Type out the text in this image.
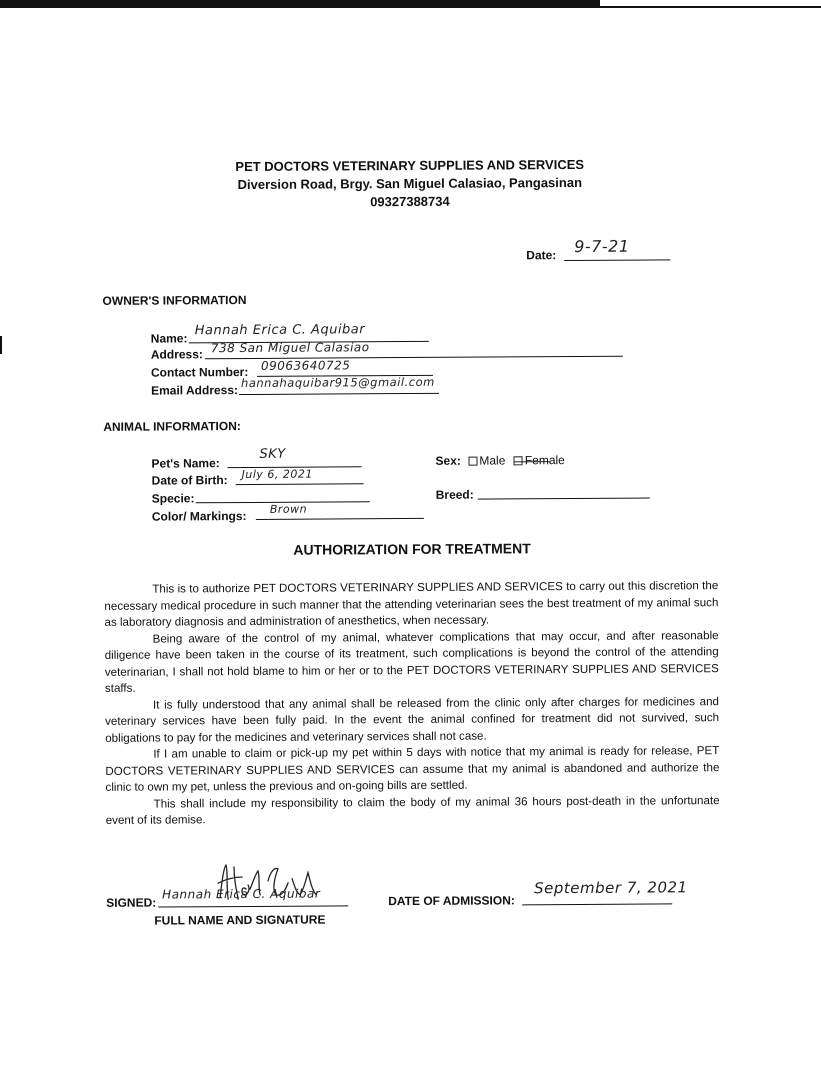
PET DOCTORS VETERINARY SUPPLIES AND SERVICES
Diversion Road, Brgy. San Miguel Calasiao, Pangasinan
09327388734
Date: 9-7-21
OWNER'S INFORMATION
Name:
Hannah Erica C. Aquibar
Address: 738 San Miguel Calasiao
Contact Number: 09063640725
Email Address:
hannahaquibar915@gmail.com
ANIMAL INFORMATION:
Pet's Name:
SKY
Date of Birth: July 6, 2021
Specie:
Color/ Markings: Brown
Sex: Male Female
Breed:
AUTHORIZATION FOR TREATMENT

This is to authorize PET DOCTORS VETERINARY SUPPLIES AND SERVICES to carry out this discretion the necessary medical procedure in such manner that the attending veterinarian sees the best treatment of my animal such as laboratory diagnosis and administration of anesthetics, when necessary.

Being aware of the control of my animal, whatever complications that may occur, and after reasonable diligence have been taken in the course of its treatment, such complications is beyond the control of the attending veterinarian, I shall not hold blame to him or her or to the PET DOCTORS VETERINARY SUPPLIES AND SERVICES staffs.

It is fully understood that any animal shall be released from the clinic only after charges for medicines and veterinary services have been fully paid. In the event the animal confined for treatment did not survived, such obligations to pay for the medicines and veterinary services shall not case.

If I am unable to claim or pick-up my pet within 5 days with notice that my animal is ready for release, PET DOCTORS VETERINARY SUPPLIES AND SERVICES can assume that my animal is abandoned and authorize the clinic to own my pet, unless the previous and on-going bills are settled.

This shall include my responsibility to claim the body of my animal 36 hours post-death in the unfortunate event of its demise.

SIGNED:
Hannah Erica C. Aquibar
FULL NAME AND SIGNATURE
DATE OF ADMISSION:
September 7, 2021
